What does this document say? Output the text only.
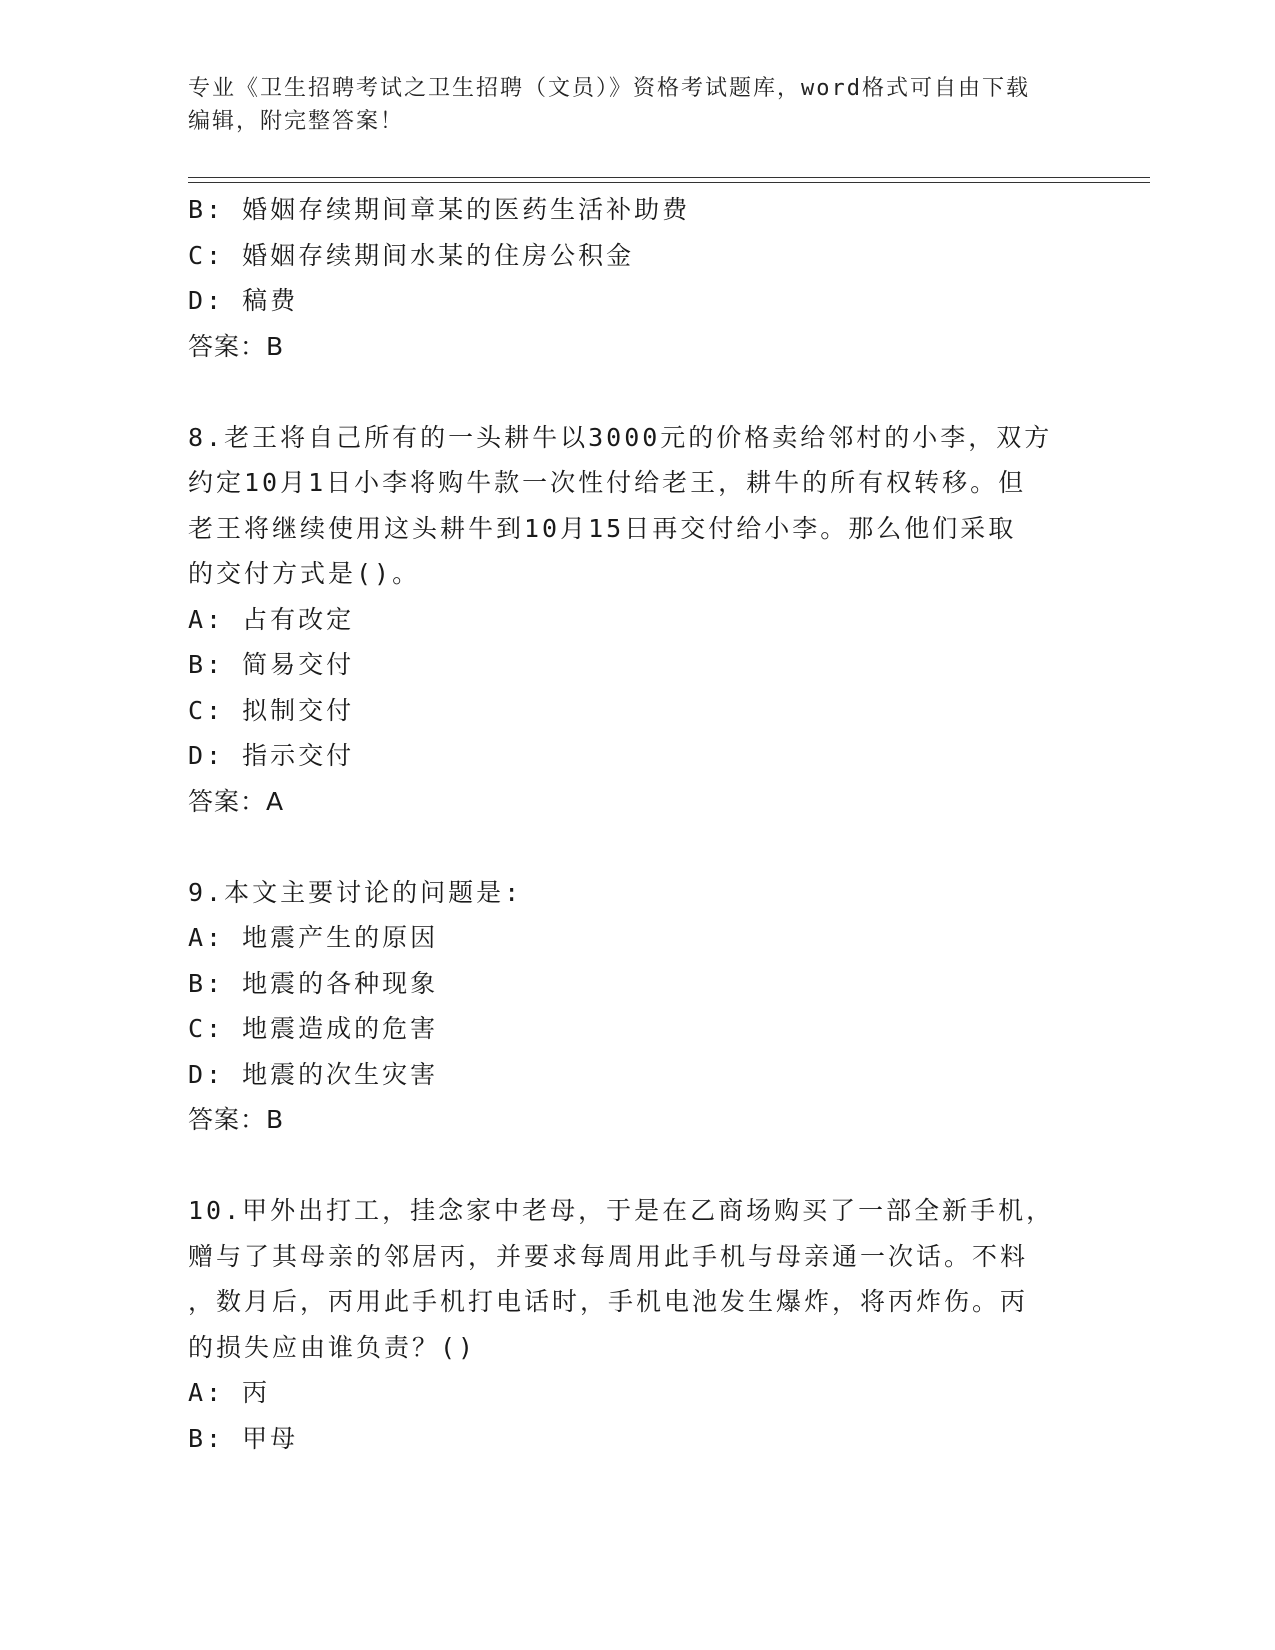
专业《卫生招聘考试之卫生招聘（文员）》资格考试题库，word格式可自由下载
编辑，附完整答案！
B: 婚姻存续期间章某的医药生活补助费
C: 婚姻存续期间水某的住房公积金
D: 稿费
答案：B
8.老王将自己所有的一头耕牛以3000元的价格卖给邻村的小李，双方
约定10月1日小李将购牛款一次性付给老王，耕牛的所有权转移。但
老王将继续使用这头耕牛到10月15日再交付给小李。那么他们采取
的交付方式是()。
A: 占有改定
B: 简易交付
C: 拟制交付
D: 指示交付
答案：A
9.本文主要讨论的问题是:
A: 地震产生的原因
B: 地震的各种现象
C: 地震造成的危害
D: 地震的次生灾害
答案：B
10.甲外出打工，挂念家中老母，于是在乙商场购买了一部全新手机，
赠与了其母亲的邻居丙，并要求每周用此手机与母亲通一次话。不料
，数月后，丙用此手机打电话时，手机电池发生爆炸，将丙炸伤。丙
的损失应由谁负责？()
A: 丙
B: 甲母
